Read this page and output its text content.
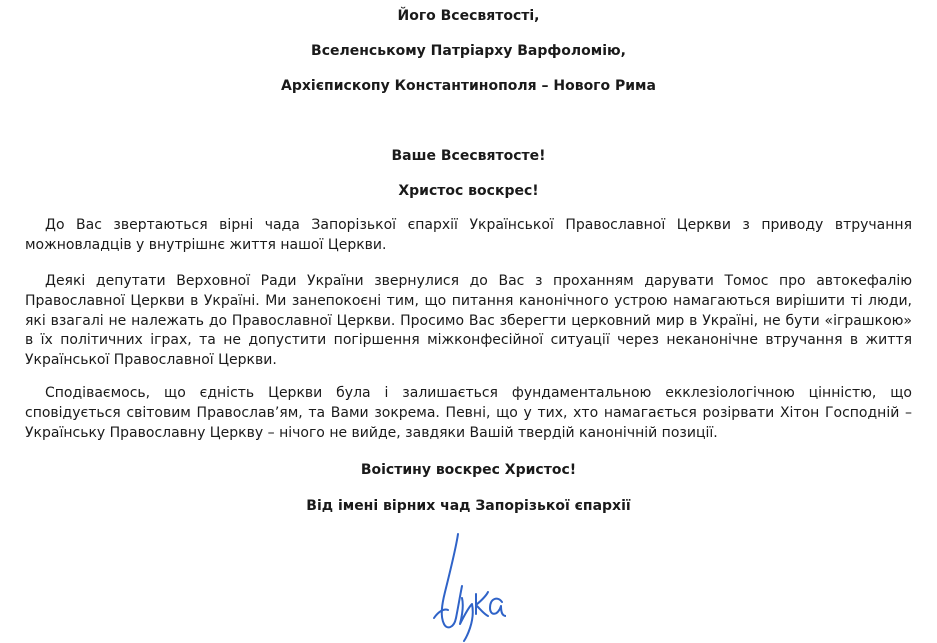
Його Всесвятості,

Вселенському Патріарху Варфоломію,

Архієпископу Константинополя – Нового Рима

Ваше Всесвятосте!

Христос воскрес!

До Вас звертаються вірні чада Запорізької єпархії Української Православної Церкви з приводу втручання можновладців у внутрішнє життя нашої Церкви.

Деякі депутати Верховної Ради України звернулися до Вас з проханням дарувати Томос про автокефалію Православної Церкви в Україні. Ми занепокоєні тим, що питання канонічного устрою намагаються вирішити ті люди, які взагалі не належать до Православної Церкви. Просимо Вас зберегти церковний мир в Україні, не бути «іграшкою» в їх політичних іграх, та не допустити погіршення міжконфесійної ситуації через неканонічне втручання в життя Української Православної Церкви.

Сподіваємось, що єдність Церкви була і залишається фундаментальною екклезіологічною цінністю, що сповідується світовим Православ’ям, та Вами зокрема. Певні, що у тих, хто намагається розірвати Хітон Господній – Українську Православну Церкву – нічого не вийде, завдяки Вашій твердій канонічній позиції.

Воістину воскрес Христос!

Від імені вірних чад Запорізької єпархії
